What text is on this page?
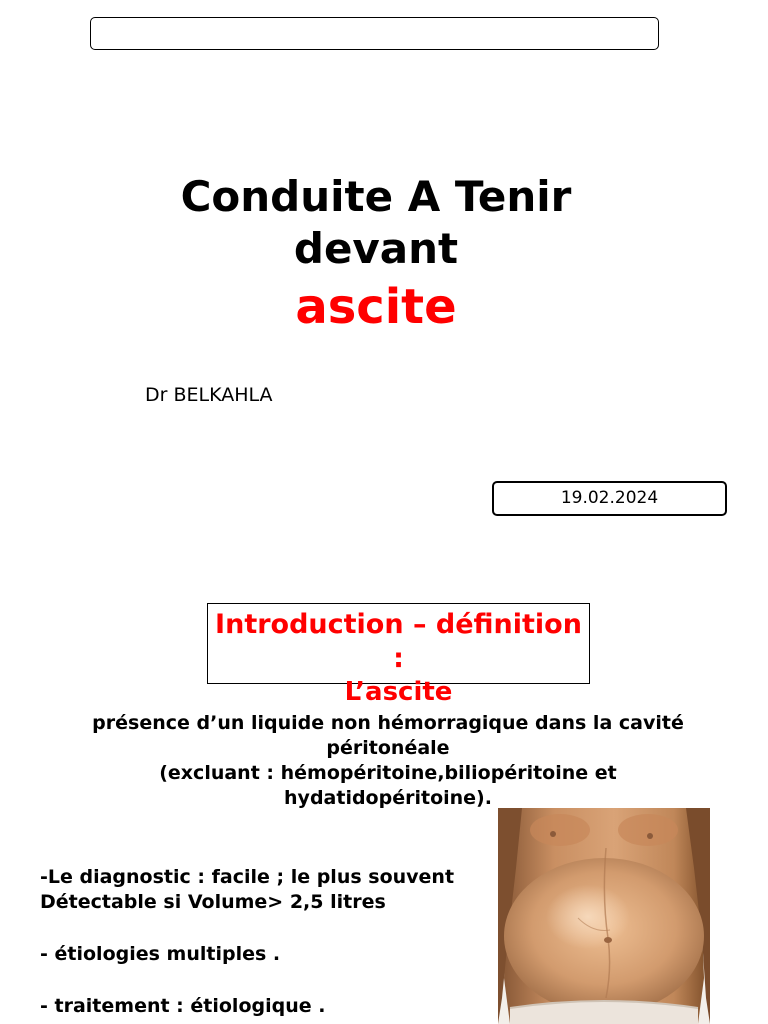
Conduite A Tenir
devant
ascite
Dr BELKAHLA
19.02.2024
Introduction – définition :
L’ascite
présence d’un liquide non hémorragique dans la cavité
péritonéale
(excluant : hémopéritoine,biliopéritoine et
hydatidopéritoine).
-Le diagnostic : facile ; le plus souvent
Détectable si Volume> 2,5 litres
- étiologies multiples .
- traitement : étiologique .
